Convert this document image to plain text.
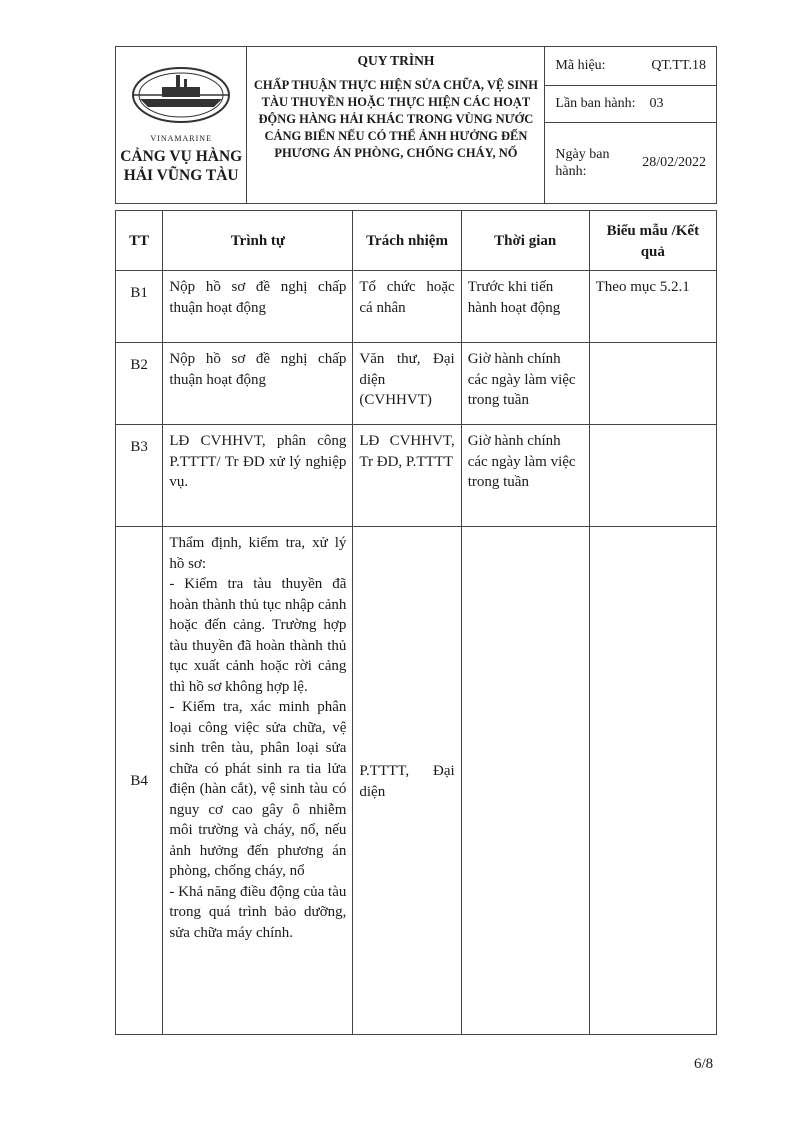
VINAMARINE
CẢNG VỤ HÀNG HẢI VŨNG TÀU

QUY TRÌNH
CHẤP THUẬN THỰC HIỆN SỬA CHỮA, VỆ SINH TÀU THUYỀN HOẶC THỰC HIỆN CÁC HOẠT ĐỘNG HÀNG HẢI KHÁC TRONG VÙNG NƯỚC CẢNG BIỂN NẾU CÓ THỂ ẢNH HƯỞNG ĐẾN PHƯƠNG ÁN PHÒNG, CHỐNG CHÁY, NỔ

Mã hiệu:	QT.TT.18

Lần ban hành: 03

Ngày ban hành:
28/02/2022
TT	Trình tự	Trách nhiệm	Thời gian	Biểu mẫu /Kết quả
B1	Nộp hồ sơ đề nghị chấp thuận hoạt động	Tổ chức hoặc cá nhân	Trước khi tiến hành hoạt động	Theo mục 5.2.1
B2	Nộp hồ sơ đề nghị chấp thuận hoạt động	Văn thư, Đại diện (CVHHVT)	Giờ hành chính các ngày làm việc trong tuần	
B3	LĐ CVHHVT, phân công P.TTTT/ Tr ĐD xử lý nghiệp vụ.	LĐ CVHHVT, Tr ĐD, P.TTTT	Giờ hành chính các ngày làm việc trong tuần	
B4	Thẩm định, kiểm tra, xử lý hồ sơ:
- Kiểm tra tàu thuyền đã hoàn thành thủ tục nhập cảnh hoặc đến cảng. Trường hợp tàu thuyền đã hoàn thành thủ tục xuất cảnh hoặc rời cảng thì hồ sơ không hợp lệ.
- Kiểm tra, xác minh phân loại công việc sửa chữa, vệ sinh trên tàu, phân loại sửa chữa có phát sinh ra tia lửa điện (hàn cắt), vệ sinh tàu có nguy cơ cao gây ô nhiễm môi trường và cháy, nổ, nếu ảnh hưởng đến phương án phòng, chống cháy, nổ
- Khả năng điều động của tàu trong quá trình bảo dưỡng, sửa chữa máy chính.	P.TTTT, Đại diện		
6/8
